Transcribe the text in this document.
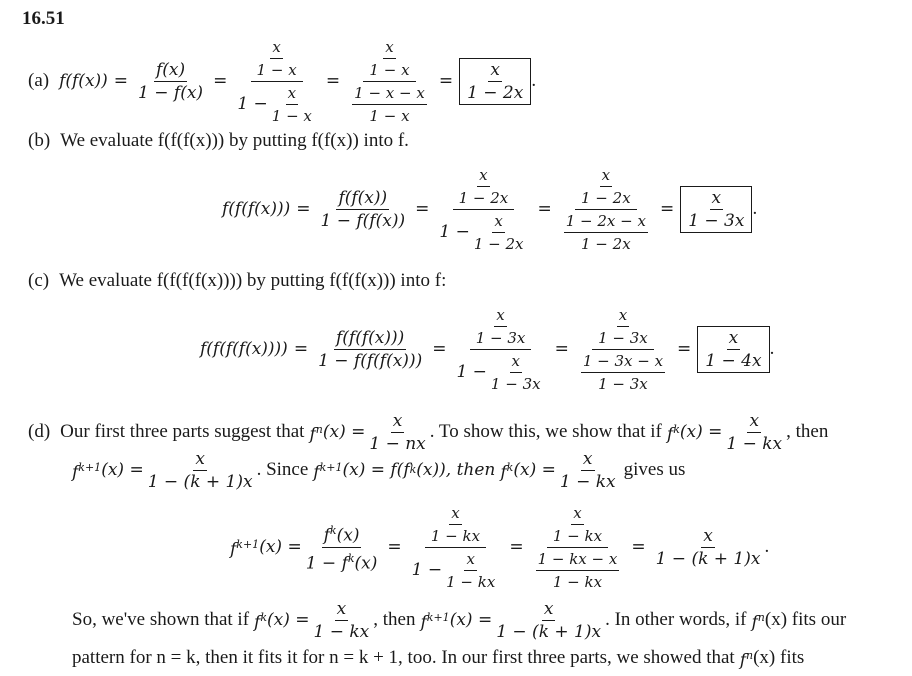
16.51
(a) $f(f(x)) = \frac{f(x)}{1 - f(x)} = \frac{\frac{x}{1 - x}}{1 - \frac{x}{1 - x}} = \frac{\frac{x}{1 - x}}{\frac{1 - x - x}{1 - x}} = \frac{x}{1 - 2x}$ .
(b) We evaluate f(f(f(x))) by putting f(f(x)) into f.
$f(f(f(x))) = \frac{f(f(x))}{1 - f(f(x))} = \frac{\frac{x}{1 - 2x}}{1 - \frac{x}{1 - 2x}} = \frac{\frac{x}{1 - 2x}}{\frac{1 - 2x - x}{1 - 2x}} = \frac{x}{1 - 3x}$ .
(c) We evaluate f(f(f(f(x)))) by putting f(f(f(x))) into f:
$f(f(f(f(x)))) = \frac{f(f(f(x)))}{1 - f(f(f(x)))} = \frac{\frac{x}{1 - 3x}}{1 - \frac{x}{1 - 3x}} = \frac{\frac{x}{1 - 3x}}{\frac{1 - 3x - x}{1 - 3x}} = \frac{x}{1 - 4x}$ .
(d) Our first three parts suggest that $f^n$ $(x) = \frac{x}{1 - nx}$ . To show this, we show that if $f^k$ $(x) = \frac{x}{1 - kx}$ , then
$f^{k+1}$ $(x) = \frac{x}{1 - (k + 1)x}$ . Since $f^{k+1}$ (x) = f(f k (x)), then $f^k$ $(x) = \frac{x}{1 - kx}$ gives us
$f^{k+1}$ $(x) = \frac{f^k(x)}{1 - f^k(x)} = \frac{\frac{x}{1 - kx}}{1 - \frac{x}{1 - kx}} = \frac{\frac{x}{1 - kx}}{\frac{1 - kx - x}{1 - kx}} = \frac{x}{1 - (k + 1)x}$ .
So, we've shown that if $f^k$ $(x) = \frac{x}{1 - kx}$ , then $f^{k+1}$ $(x) = \frac{x}{1 - (k + 1)x}$ . In other words, if $f^n$ (x) fits our
pattern for n = k, then it fits it for n = k + 1, too. In our first three parts, we showed that $f^n$ (x) fits
